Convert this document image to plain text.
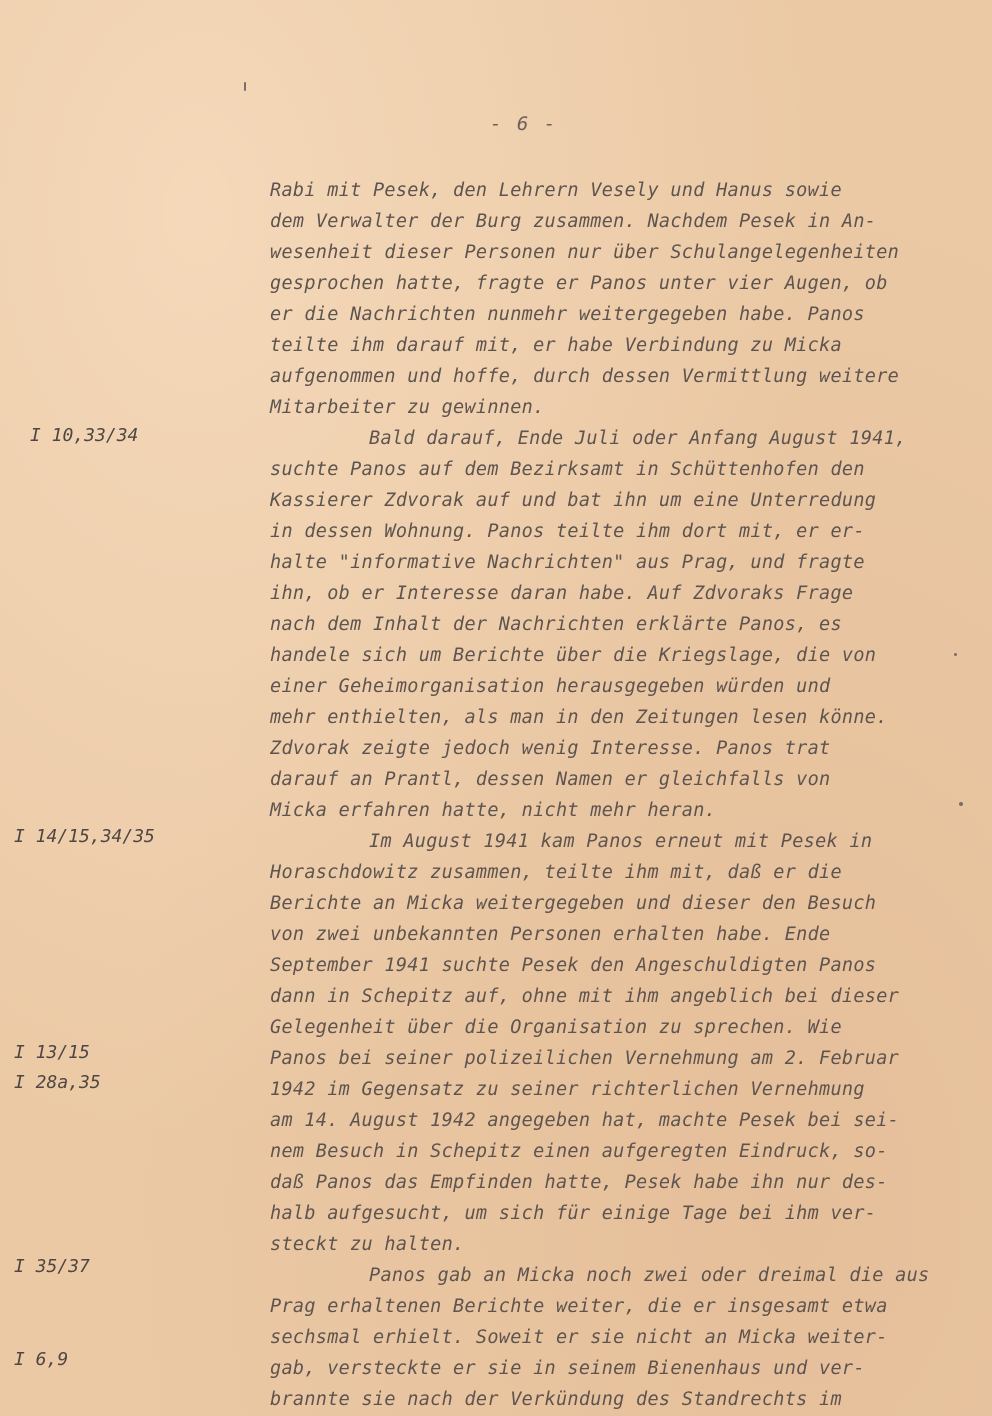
- 6 -
I 10,33/34
I 14/15,34/35
I 13/15
I 28a,35
I 35/37
I 6,9
Rabi mit Pesek, den Lehrern Vesely und Hanus sowie
dem Verwalter der Burg zusammen. Nachdem Pesek in An-
wesenheit dieser Personen nur über Schulangelegenheiten
gesprochen hatte, fragte er Panos unter vier Augen, ob
er die Nachrichten nunmehr weitergegeben habe. Panos
teilte ihm darauf mit, er habe Verbindung zu Micka
aufgenommen und hoffe, durch dessen Vermittlung weitere
Mitarbeiter zu gewinnen.
Bald darauf, Ende Juli oder Anfang August 1941,
suchte Panos auf dem Bezirksamt in Schüttenhofen den
Kassierer Zdvorak auf und bat ihn um eine Unterredung
in dessen Wohnung. Panos teilte ihm dort mit, er er-
halte "informative Nachrichten" aus Prag, und fragte
ihn, ob er Interesse daran habe. Auf Zdvoraks Frage
nach dem Inhalt der Nachrichten erklärte Panos, es
handele sich um Berichte über die Kriegslage, die von
einer Geheimorganisation herausgegeben würden und
mehr enthielten, als man in den Zeitungen lesen könne.
Zdvorak zeigte jedoch wenig Interesse. Panos trat
darauf an Prantl, dessen Namen er gleichfalls von
Micka erfahren hatte, nicht mehr heran.
Im August 1941 kam Panos erneut mit Pesek in
Horaschdowitz zusammen, teilte ihm mit, daß er die
Berichte an Micka weitergegeben und dieser den Besuch
von zwei unbekannten Personen erhalten habe. Ende
September 1941 suchte Pesek den Angeschuldigten Panos
dann in Schepitz auf, ohne mit ihm angeblich bei dieser
Gelegenheit über die Organisation zu sprechen. Wie
Panos bei seiner polizeilichen Vernehmung am 2. Februar
1942 im Gegensatz zu seiner richterlichen Vernehmung
am 14. August 1942 angegeben hat, machte Pesek bei sei-
nem Besuch in Schepitz einen aufgeregten Eindruck, so-
daß Panos das Empfinden hatte, Pesek habe ihn nur des-
halb aufgesucht, um sich für einige Tage bei ihm ver-
steckt zu halten.
Panos gab an Micka noch zwei oder dreimal die aus
Prag erhaltenen Berichte weiter, die er insgesamt etwa
sechsmal erhielt. Soweit er sie nicht an Micka weiter-
gab, versteckte er sie in seinem Bienenhaus und ver-
brannte sie nach der Verkündung des Standrechts im
